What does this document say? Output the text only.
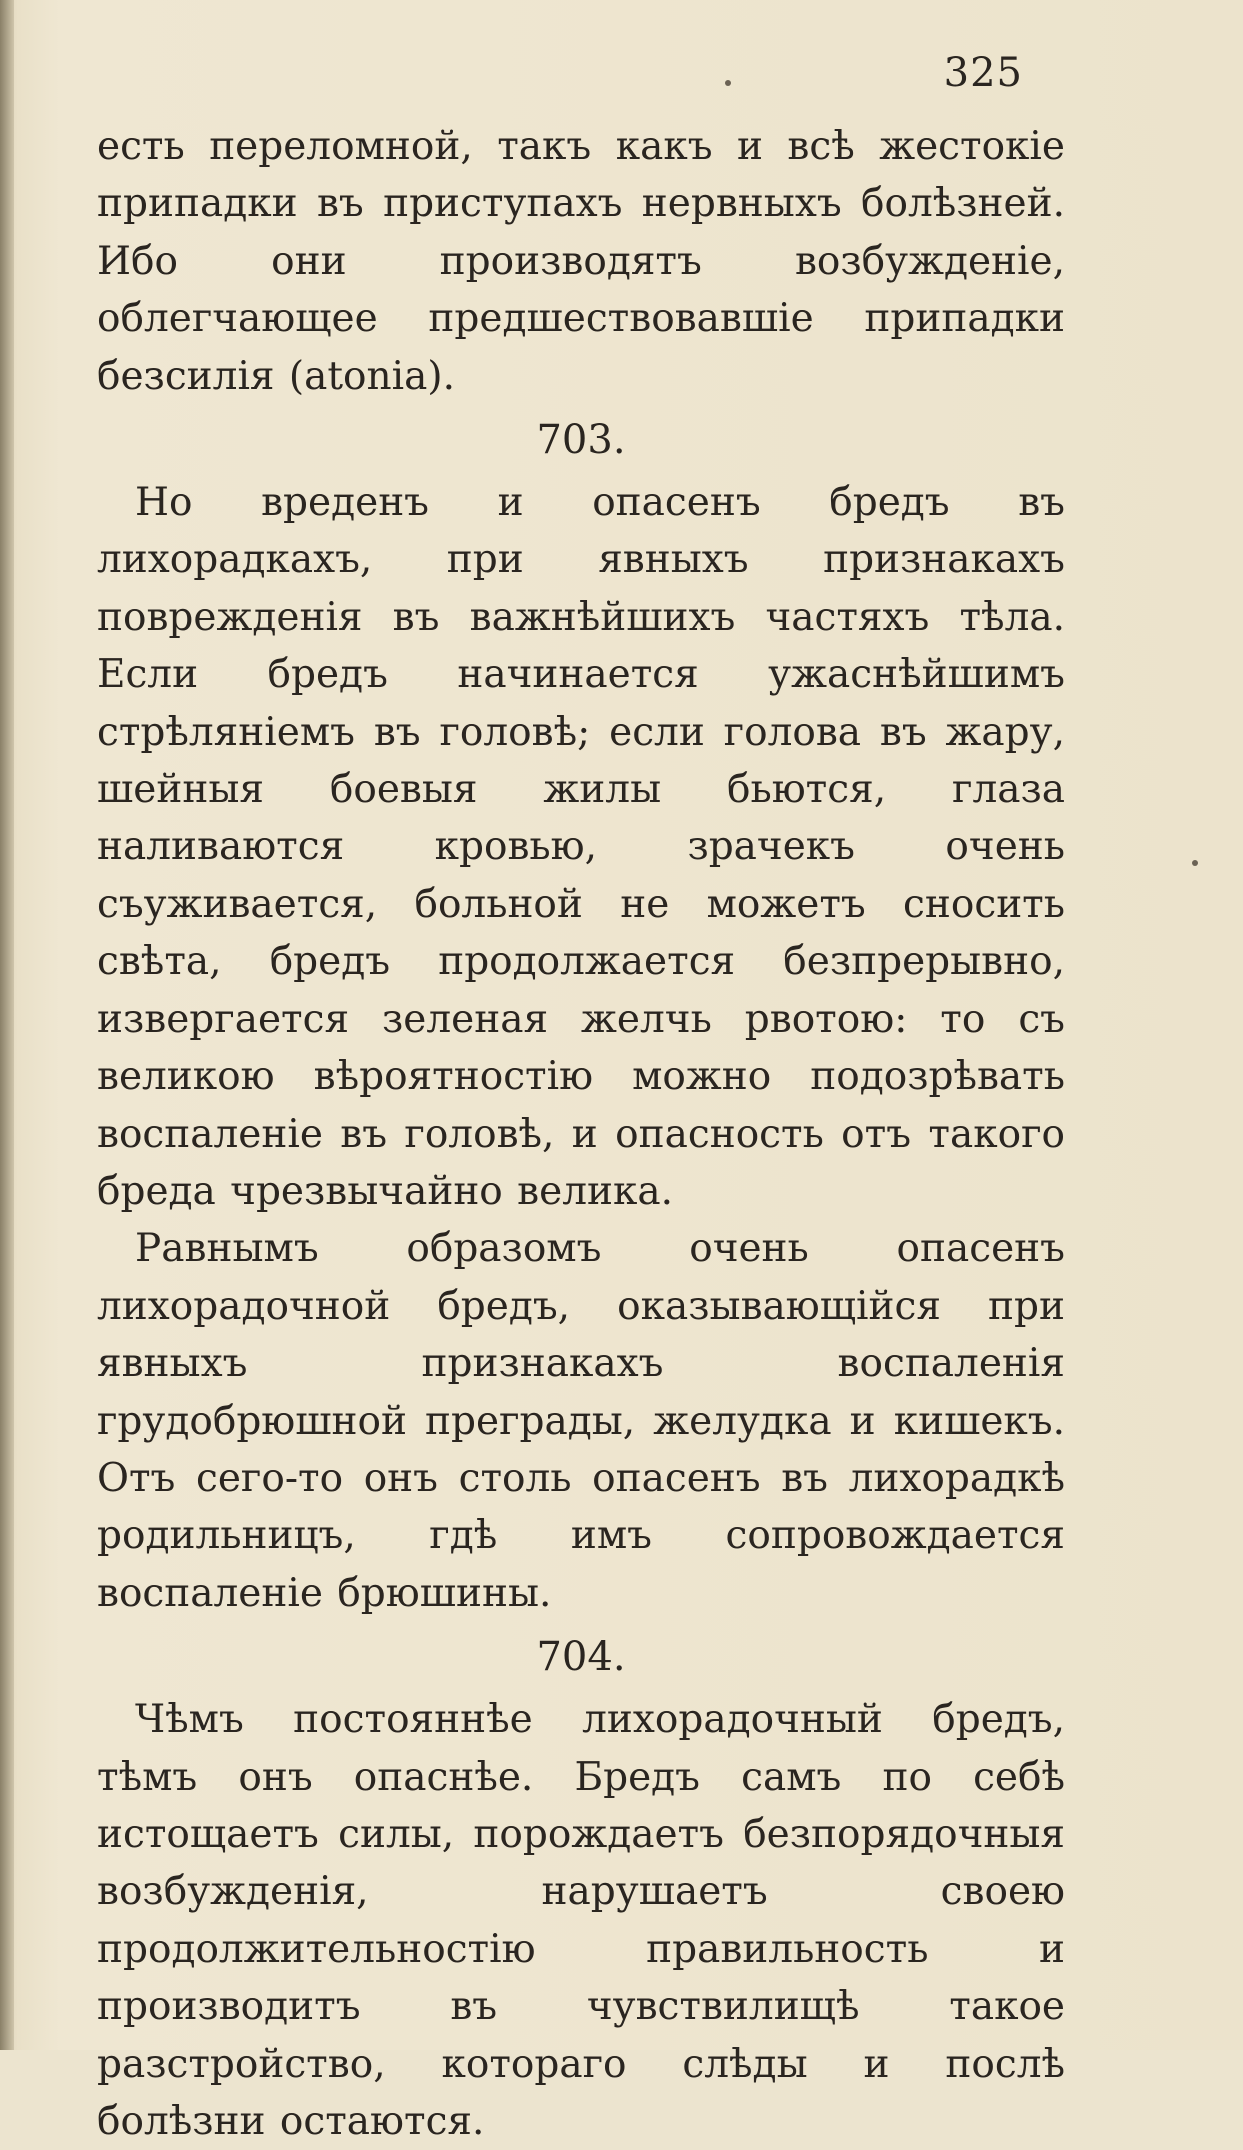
325

есть переломной, такъ какъ и всѣ жестокіе припадки въ приступахъ нервныхъ болѣзней. Ибо они производятъ возбужденіе, облегчающее предшествовавшіе припадки безсилія (atonia).

703.

Но вреденъ и опасенъ бредъ въ лихорадкахъ, при явныхъ признакахъ поврежденія въ важнѣйшихъ частяхъ тѣла. Если бредъ начинается ужаснѣйшимъ стрѣляніемъ въ головѣ; если голова въ жару, шейныя боевыя жилы бьются, глаза наливаются кровью, зрачекъ очень съуживается, больной не можетъ сносить свѣта, бредъ продолжается безпрерывно, извергается зеленая желчь рвотою: то съ великою вѣроятностію можно подозрѣвать воспаленіе въ головѣ, и опасность отъ такого бреда чрезвычайно велика.

Равнымъ образомъ очень опасенъ лихорадочной бредъ, оказывающійся при явныхъ признакахъ воспаленія грудобрюшной преграды, желудка и кишекъ. Отъ сего-то онъ столь опасенъ въ лихорадкѣ родильницъ, гдѣ имъ сопровождается воспаленіе брюшины.

704.

Чѣмъ постояннѣе лихорадочный бредъ, тѣмъ онъ опаснѣе. Бредъ самъ по себѣ истощаетъ силы, порождаетъ безпорядочныя возбужденія, нарушаетъ своею продолжительностію правильность и производитъ въ чувствилищѣ такое разстройство, котораго слѣды и послѣ болѣзни остаются.
